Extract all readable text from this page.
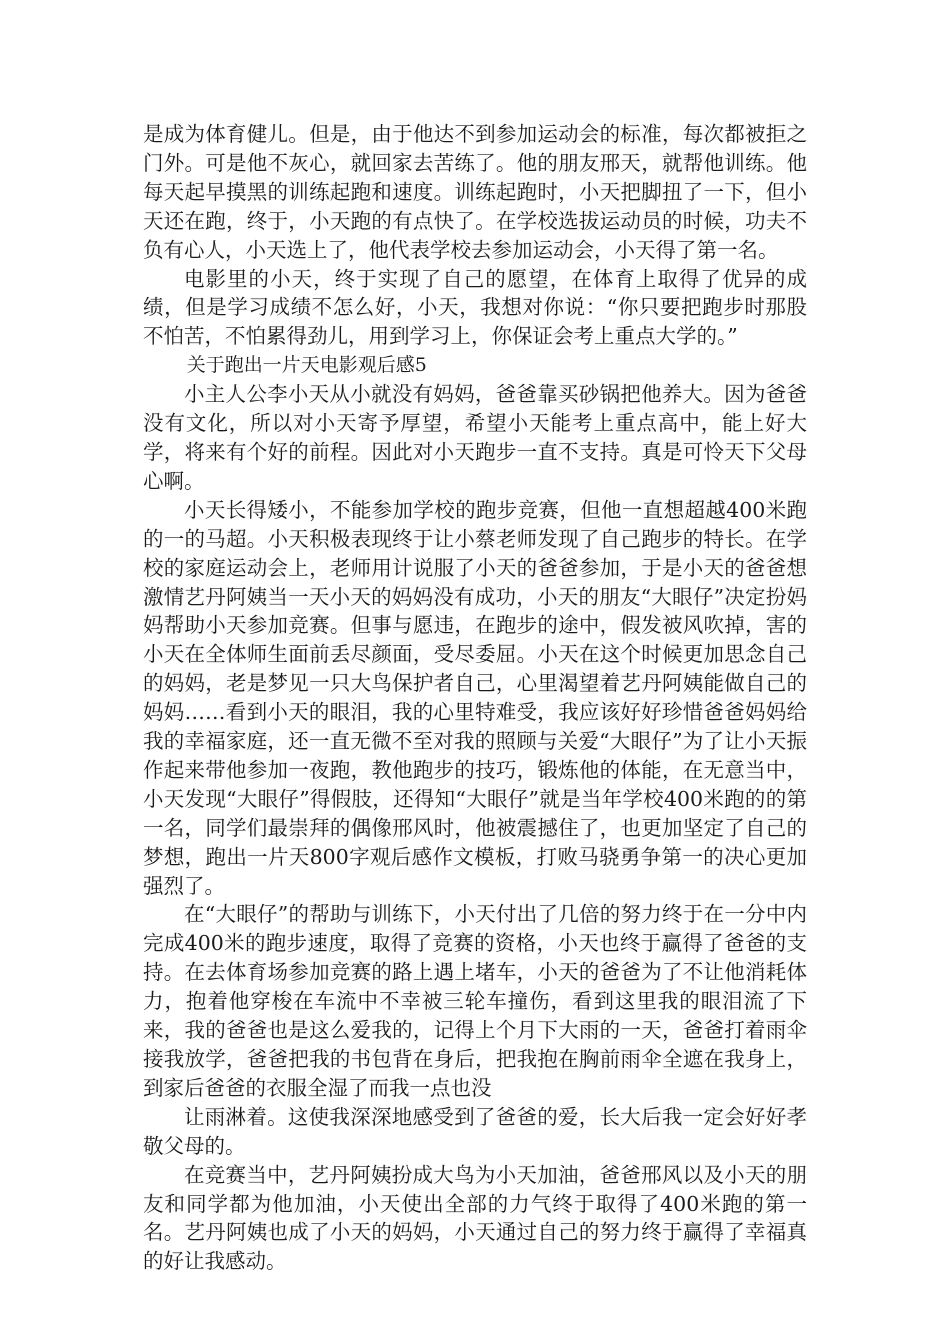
是成为体育健儿。但是，由于他达不到参加运动会的标准，每次都被拒之门外。可是他不灰心，就回家去苦练了。他的朋友邢天，就帮他训练。他每天起早摸黑的训练起跑和速度。训练起跑时，小天把脚扭了一下，但小天还在跑，终于，小天跑的有点快了。在学校选拔运动员的时候，功夫不负有心人，小天选上了，他代表学校去参加运动会，小天得了第一名。

电影里的小天，终于实现了自己的愿望，在体育上取得了优异的成绩，但是学习成绩不怎么好，小天，我想对你说：“你只要把跑步时那股不怕苦，不怕累得劲儿，用到学习上，你保证会考上重点大学的。”

关于跑出一片天电影观后感5

小主人公李小天从小就没有妈妈，爸爸靠买砂锅把他养大。因为爸爸没有文化，所以对小天寄予厚望，希望小天能考上重点高中，能上好大学，将来有个好的前程。因此对小天跑步一直不支持。真是可怜天下父母心啊。

小天长得矮小，不能参加学校的跑步竞赛，但他一直想超越400米跑的一的马超。小天积极表现终于让小蔡老师发现了自己跑步的特长。在学校的家庭运动会上，老师用计说服了小天的爸爸参加，于是小天的爸爸想激情艺丹阿姨当一天小天的妈妈没有成功，小天的朋友“大眼仔”决定扮妈妈帮助小天参加竞赛。但事与愿违，在跑步的途中，假发被风吹掉，害的小天在全体师生面前丢尽颜面，受尽委屈。小天在这个时候更加思念自己的妈妈，老是梦见一只大鸟保护者自己，心里渴望着艺丹阿姨能做自己的妈妈……看到小天的眼泪，我的心里特难受，我应该好好珍惜爸爸妈妈给我的幸福家庭，还一直无微不至对我的照顾与关爱“大眼仔”为了让小天振作起来带他参加一夜跑，教他跑步的技巧，锻炼他的体能，在无意当中，小天发现“大眼仔”得假肢，还得知“大眼仔”就是当年学校400米跑的的第一名，同学们最崇拜的偶像邢风时，他被震撼住了，也更加坚定了自己的梦想，跑出一片天800字观后感作文模板，打败马骁勇争第一的决心更加强烈了。

在“大眼仔”的帮助与训练下，小天付出了几倍的努力终于在一分中内完成400米的跑步速度，取得了竞赛的资格，小天也终于赢得了爸爸的支持。在去体育场参加竞赛的路上遇上堵车，小天的爸爸为了不让他消耗体力，抱着他穿梭在车流中不幸被三轮车撞伤，看到这里我的眼泪流了下来，我的爸爸也是这么爱我的，记得上个月下大雨的一天，爸爸打着雨伞接我放学，爸爸把我的书包背在身后，把我抱在胸前雨伞全遮在我身上，到家后爸爸的衣服全湿了而我一点也没

让雨淋着。这使我深深地感受到了爸爸的爱，长大后我一定会好好孝敬父母的。

在竞赛当中，艺丹阿姨扮成大鸟为小天加油，爸爸邢风以及小天的朋友和同学都为他加油，小天使出全部的力气终于取得了400米跑的第一名。艺丹阿姨也成了小天的妈妈，小天通过自己的努力终于赢得了幸福真的好让我感动。
